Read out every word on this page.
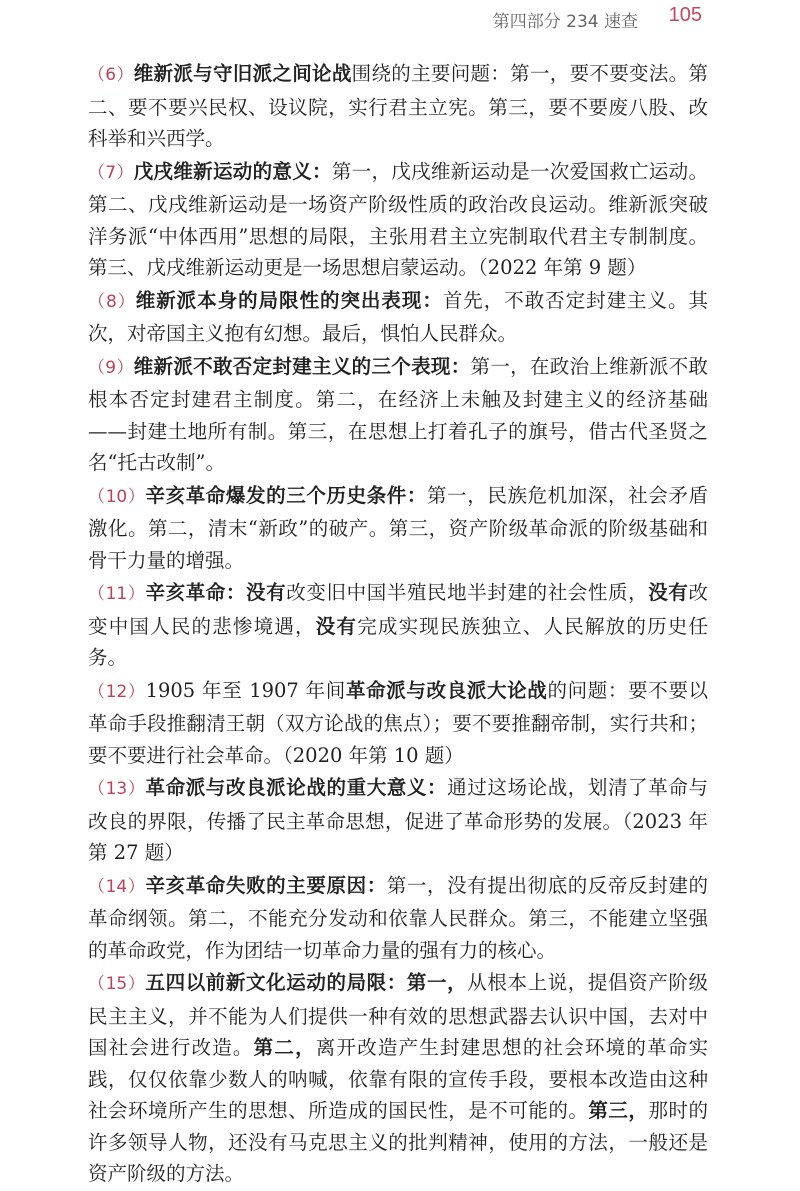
第四部分 234 速查 105

（6）维新派与守旧派之间论战围绕的主要问题：第一，要不要变法。第二、要不要兴民权、设议院，实行君主立宪。第三，要不要废八股、改科举和兴西学。

（7）戊戌维新运动的意义：第一，戊戌维新运动是一次爱国救亡运动。第二、戊戌维新运动是一场资产阶级性质的政治改良运动。维新派突破洋务派“中体西用”思想的局限，主张用君主立宪制取代君主专制制度。第三、戊戌维新运动更是一场思想启蒙运动。（2022 年第 9 题）

（8）维新派本身的局限性的突出表现：首先，不敢否定封建主义。其次，对帝国主义抱有幻想。最后，惧怕人民群众。

（9）维新派不敢否定封建主义的三个表现：第一，在政治上维新派不敢根本否定封建君主制度。第二，在经济上未触及封建主义的经济基础——封建土地所有制。第三，在思想上打着孔子的旗号，借古代圣贤之名“托古改制”。

（10）辛亥革命爆发的三个历史条件：第一，民族危机加深，社会矛盾激化。第二，清末“新政”的破产。第三，资产阶级革命派的阶级基础和骨干力量的增强。

（11）辛亥革命：没有改变旧中国半殖民地半封建的社会性质，没有改变中国人民的悲惨境遇，没有完成实现民族独立、人民解放的历史任务。

（12）1905 年至 1907 年间革命派与改良派大论战的问题：要不要以革命手段推翻清王朝（双方论战的焦点）；要不要推翻帝制，实行共和；要不要进行社会革命。（2020 年第 10 题）

（13）革命派与改良派论战的重大意义：通过这场论战，划清了革命与改良的界限，传播了民主革命思想，促进了革命形势的发展。（2023 年第 27 题）

（14）辛亥革命失败的主要原因：第一，没有提出彻底的反帝反封建的革命纲领。第二，不能充分发动和依靠人民群众。第三，不能建立坚强的革命政党，作为团结一切革命力量的强有力的核心。

（15）五四以前新文化运动的局限：第一，从根本上说，提倡资产阶级民主主义，并不能为人们提供一种有效的思想武器去认识中国，去对中国社会进行改造。第二，离开改造产生封建思想的社会环境的革命实践，仅仅依靠少数人的呐喊，依靠有限的宣传手段，要根本改造由这种社会环境所产生的思想、所造成的国民性，是不可能的。第三，那时的许多领导人物，还没有马克思主义的批判精神，使用的方法，一般还是资产阶级的方法。
